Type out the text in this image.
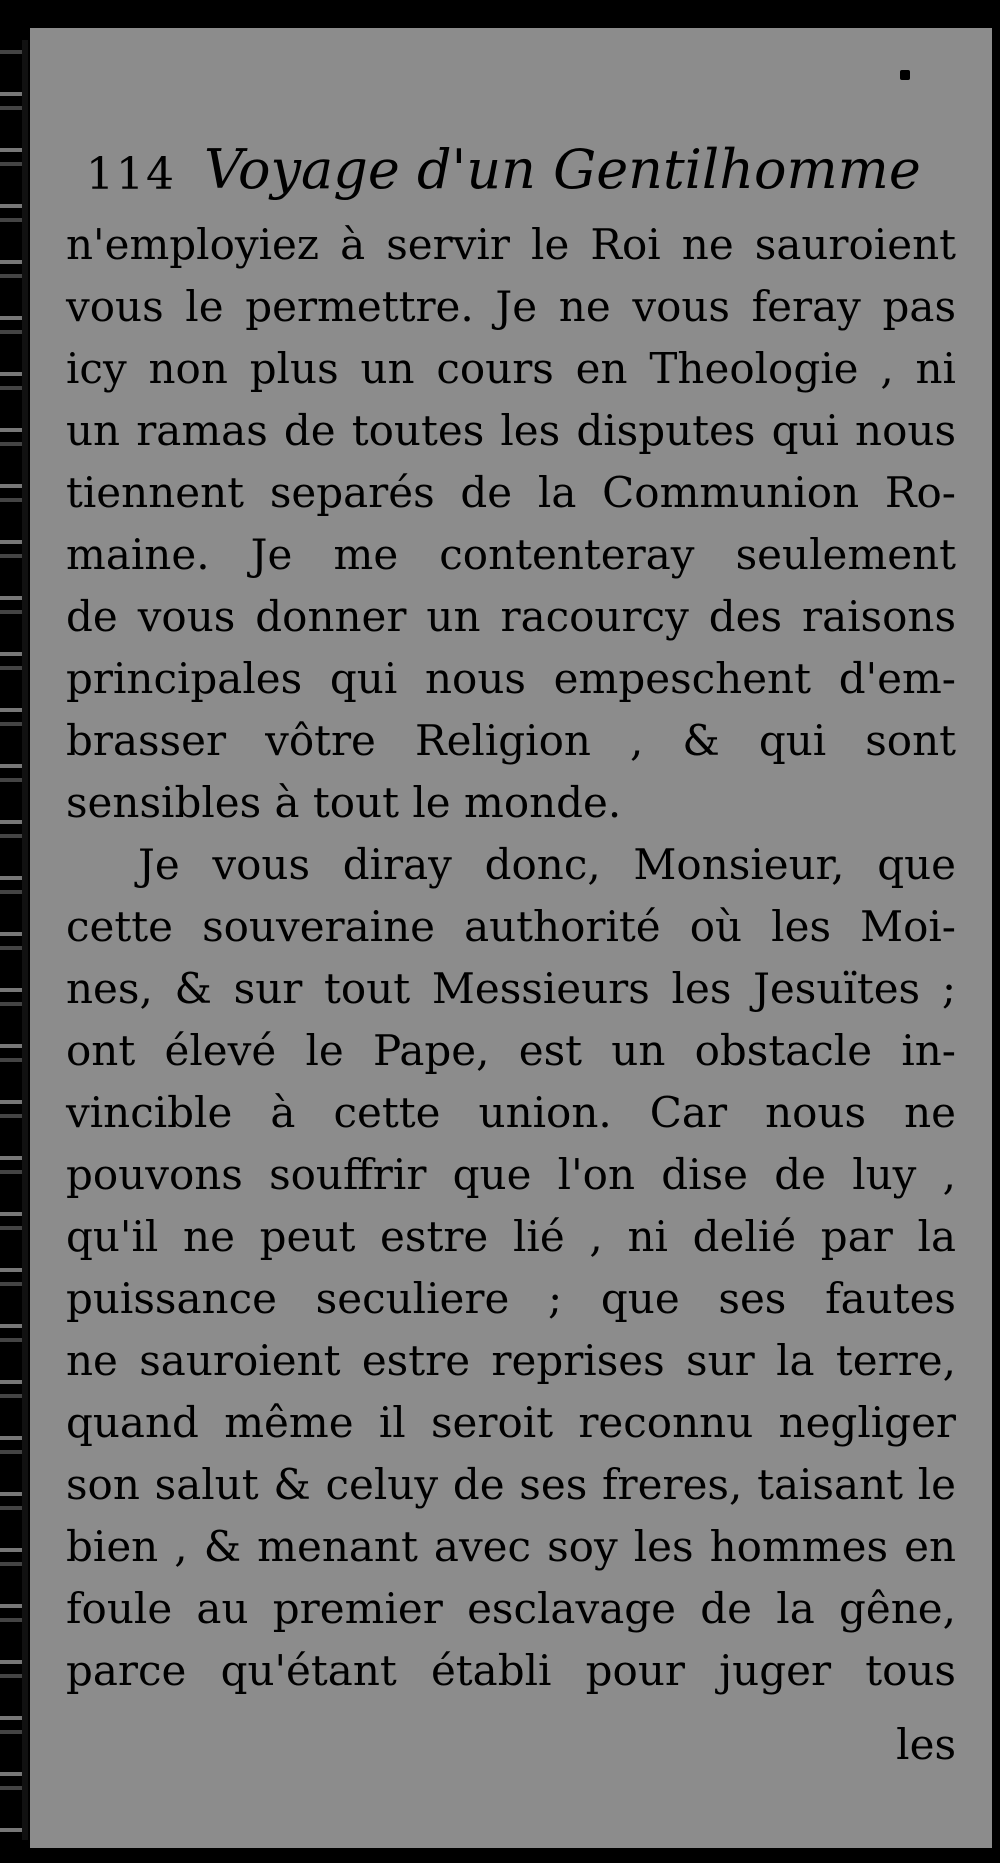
114 Voyage d'un Gentilhomme
n'employiez à servir le Roi ne sauroient
vous le permettre. Je ne vous feray pas
icy non plus un cours en Theologie , ni
un ramas de toutes les disputes qui nous
tiennent separés de la Communion Ro-
maine. Je me contenteray seulement
de vous donner un racourcy des raisons
principales qui nous empeschent d'em-
brasser vôtre Religion , & qui sont
sensibles à tout le monde.
Je vous diray donc, Monsieur, que
cette souveraine authorité où les Moi-
nes, & sur tout Messieurs les Jesuïtes ;
ont élevé le Pape, est un obstacle in-
vincible à cette union. Car nous ne
pouvons souffrir que l'on dise de luy ,
qu'il ne peut estre lié , ni delié par la
puissance seculiere ; que ses fautes
ne sauroient estre reprises sur la terre,
quand même il seroit reconnu negliger
son salut & celuy de ses freres, taisant le
bien , & menant avec soy les hommes en
foule au premier esclavage de la gêne,
parce qu'étant établi pour juger tous
les
